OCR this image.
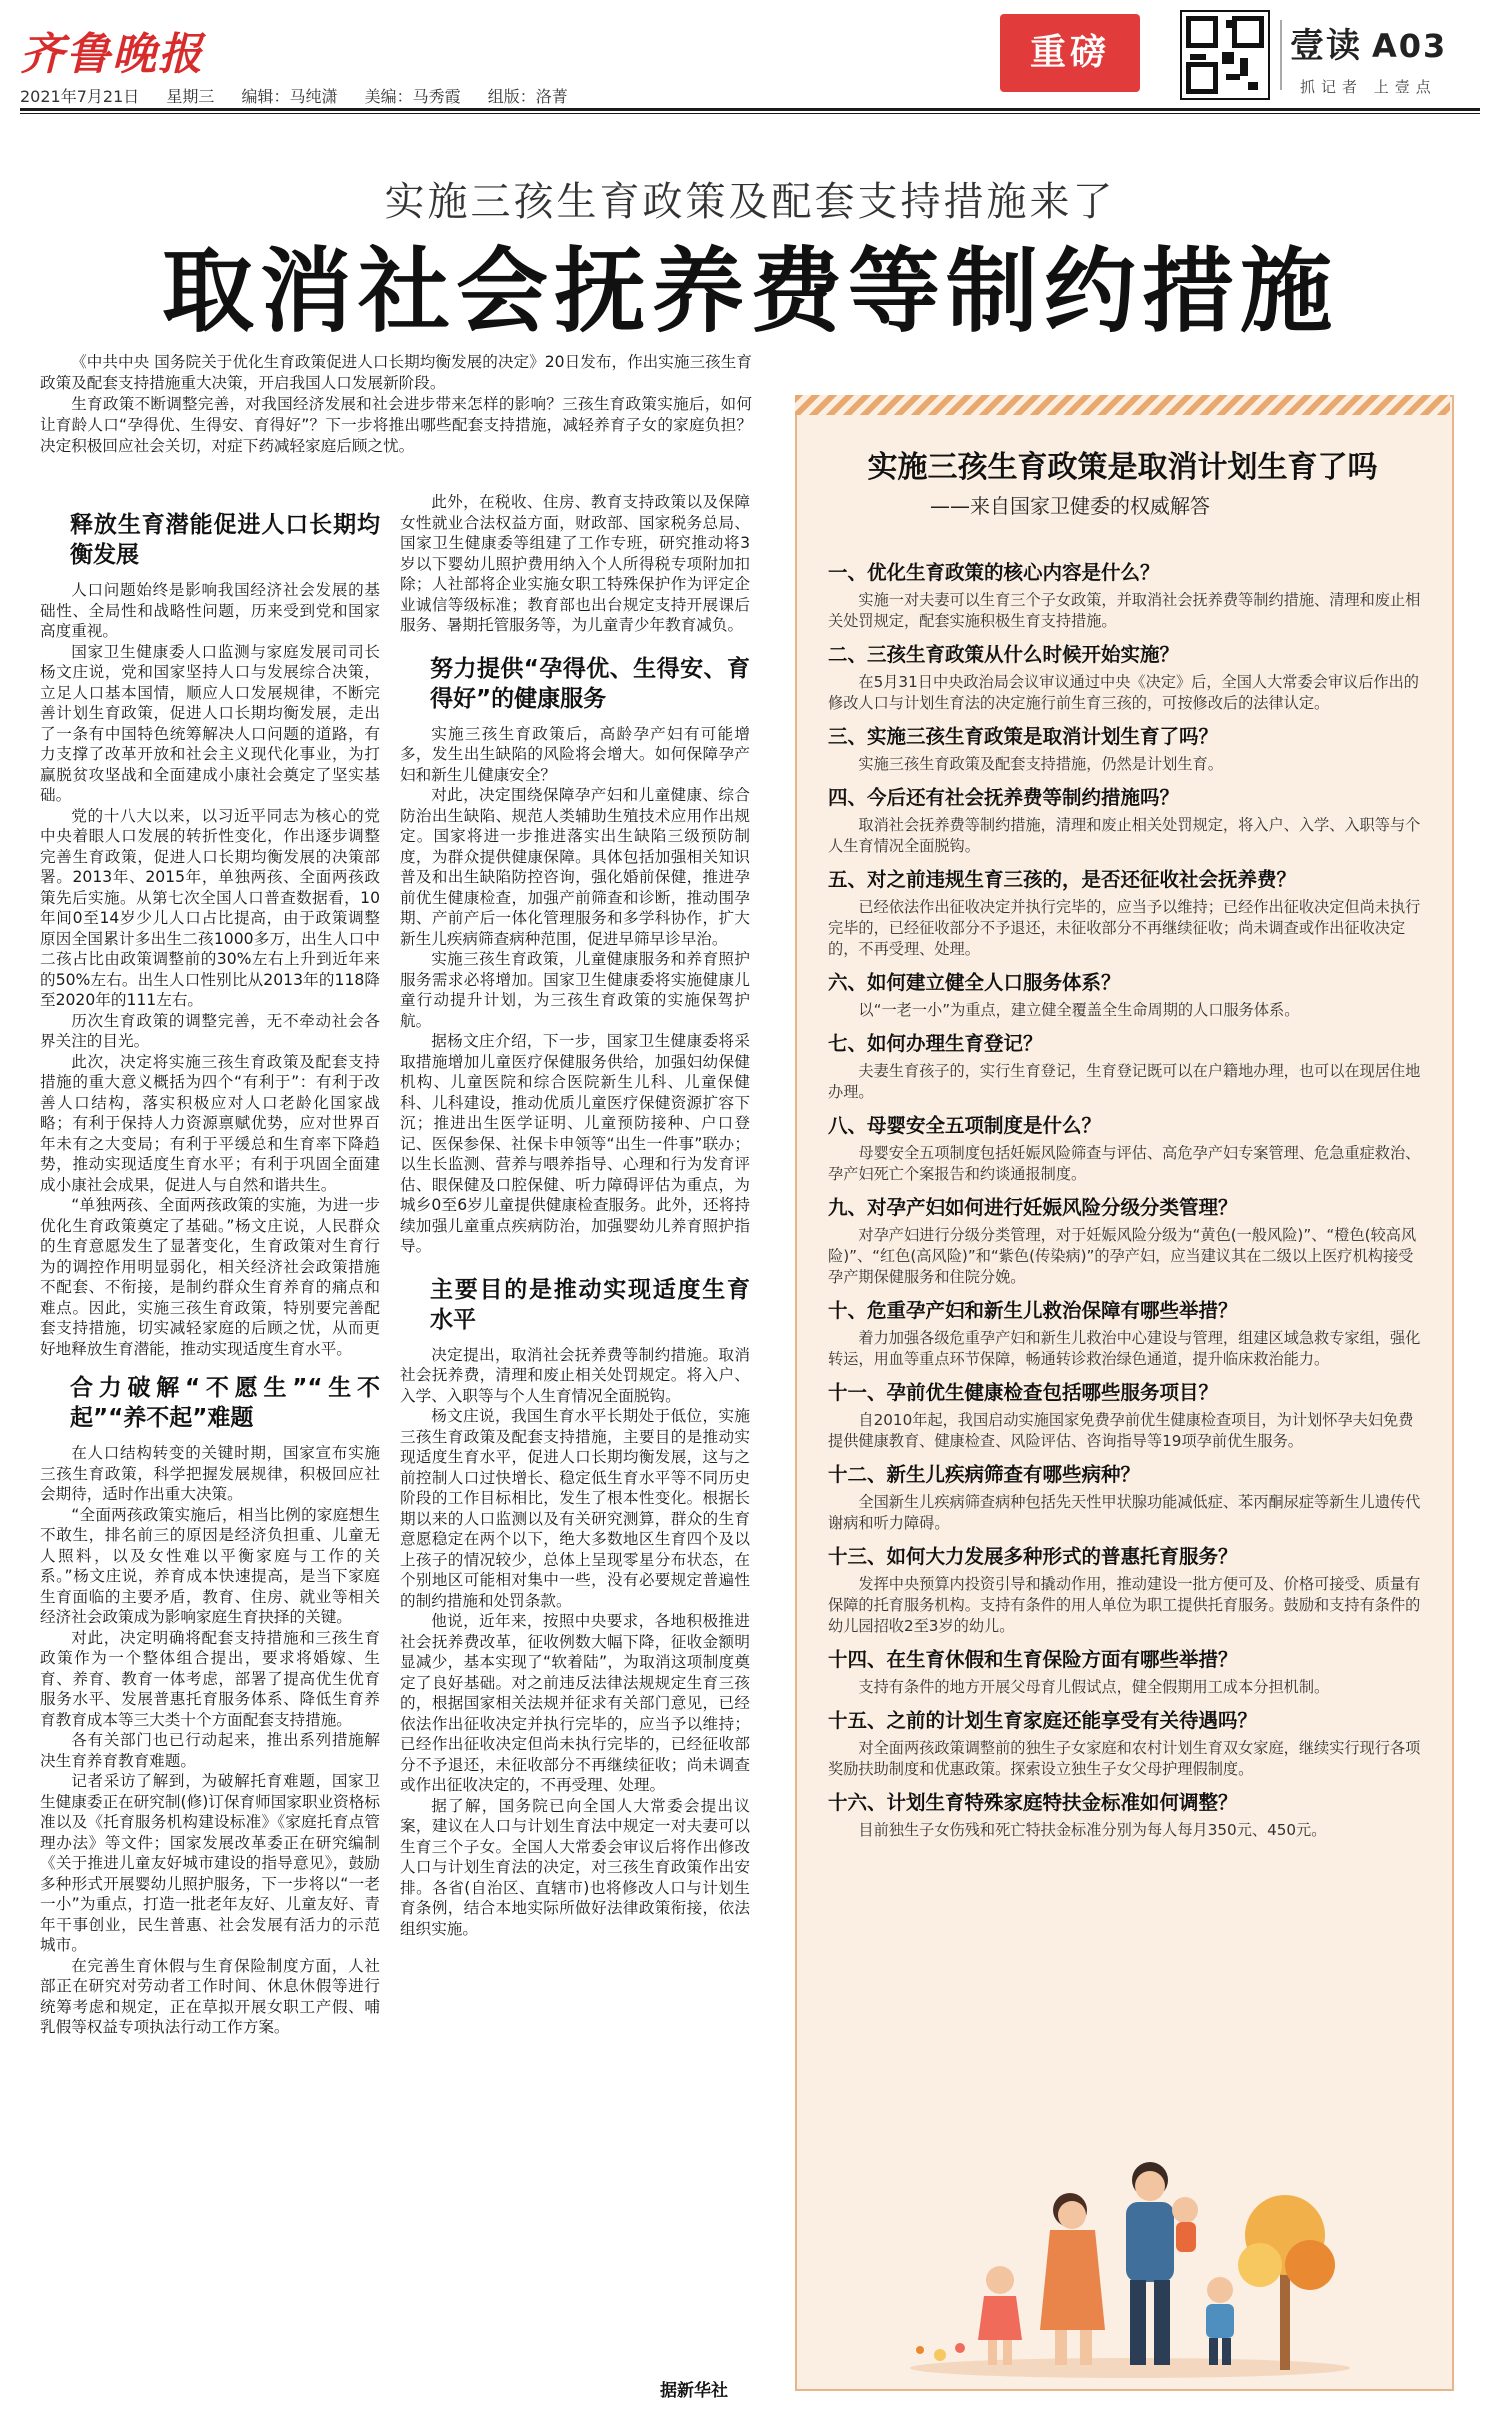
齐鲁晚报
2021年7月21日 星期三 编辑：马纯潇 美编：马秀霞 组版：洛菁
重磅	壹读 A03
抓记者 上壹点
实施三孩生育政策及配套支持措施来了
取消社会抚养费等制约措施

《中共中央 国务院关于优化生育政策促进人口长期均衡发展的决定》20日发布，作出实施三孩生育政策及配套支持措施重大决策，开启我国人口发展新阶段。

生育政策不断调整完善，对我国经济发展和社会进步带来怎样的影响？三孩生育政策实施后，如何让育龄人口“孕得优、生得安、育得好”？下一步将推出哪些配套支持措施，减轻养育子女的家庭负担？决定积极回应社会关切，对症下药减轻家庭后顾之忧。

释放生育潜能促进人口长期均衡发展

人口问题始终是影响我国经济社会发展的基础性、全局性和战略性问题，历来受到党和国家高度重视。

国家卫生健康委人口监测与家庭发展司司长杨文庄说，党和国家坚持人口与发展综合决策，立足人口基本国情，顺应人口发展规律，不断完善计划生育政策，促进人口长期均衡发展，走出了一条有中国特色统筹解决人口问题的道路，有力支撑了改革开放和社会主义现代化事业，为打赢脱贫攻坚战和全面建成小康社会奠定了坚实基础。

党的十八大以来，以习近平同志为核心的党中央着眼人口发展的转折性变化，作出逐步调整完善生育政策，促进人口长期均衡发展的决策部署。2013年、2015年，单独两孩、全面两孩政策先后实施。从第七次全国人口普查数据看，10年间0至14岁少儿人口占比提高，由于政策调整原因全国累计多出生二孩1000多万，出生人口中二孩占比由政策调整前的30%左右上升到近年来的50%左右。出生人口性别比从2013年的118降至2020年的111左右。

历次生育政策的调整完善，无不牵动社会各界关注的目光。

此次，决定将实施三孩生育政策及配套支持措施的重大意义概括为四个“有利于”：有利于改善人口结构，落实积极应对人口老龄化国家战略；有利于保持人力资源禀赋优势，应对世界百年未有之大变局；有利于平缓总和生育率下降趋势，推动实现适度生育水平；有利于巩固全面建成小康社会成果，促进人与自然和谐共生。

“单独两孩、全面两孩政策的实施，为进一步优化生育政策奠定了基础。”杨文庄说，人民群众的生育意愿发生了显著变化，生育政策对生育行为的调控作用明显弱化，相关经济社会政策措施不配套、不衔接，是制约群众生育养育的痛点和难点。因此，实施三孩生育政策，特别要完善配套支持措施，切实减轻家庭的后顾之忧，从而更好地释放生育潜能，推动实现适度生育水平。

合力破解“不愿生”“生不起”“养不起”难题

在人口结构转变的关键时期，国家宣布实施三孩生育政策，科学把握发展规律，积极回应社会期待，适时作出重大决策。

“全面两孩政策实施后，相当比例的家庭想生不敢生，排名前三的原因是经济负担重、儿童无人照料，以及女性难以平衡家庭与工作的关系。”杨文庄说，养育成本快速提高，是当下家庭生育面临的主要矛盾，教育、住房、就业等相关经济社会政策成为影响家庭生育抉择的关键。

对此，决定明确将配套支持措施和三孩生育政策作为一个整体组合提出，要求将婚嫁、生育、养育、教育一体考虑，部署了提高优生优育服务水平、发展普惠托育服务体系、降低生育养育教育成本等三大类十个方面配套支持措施。

各有关部门也已行动起来，推出系列措施解决生育养育教育难题。

记者采访了解到，为破解托育难题，国家卫生健康委正在研究制(修)订保育师国家职业资格标准以及《托育服务机构建设标准》《家庭托育点管理办法》等文件；国家发展改革委正在研究编制《关于推进儿童友好城市建设的指导意见》，鼓励多种形式开展婴幼儿照护服务，下一步将以“一老一小”为重点，打造一批老年友好、儿童友好、青年干事创业，民生普惠、社会发展有活力的示范城市。

在完善生育休假与生育保险制度方面，人社部正在研究对劳动者工作时间、休息休假等进行统筹考虑和规定，正在草拟开展女职工产假、哺乳假等权益专项执法行动工作方案。

此外，在税收、住房、教育支持政策以及保障女性就业合法权益方面，财政部、国家税务总局、国家卫生健康委等组建了工作专班，研究推动将3岁以下婴幼儿照护费用纳入个人所得税专项附加扣除；人社部将企业实施女职工特殊保护作为评定企业诚信等级标准；教育部也出台规定支持开展课后服务、暑期托管服务等，为儿童青少年教育减负。

努力提供“孕得优、生得安、育得好”的健康服务

实施三孩生育政策后，高龄孕产妇有可能增多，发生出生缺陷的风险将会增大。如何保障孕产妇和新生儿健康安全？

对此，决定围绕保障孕产妇和儿童健康、综合防治出生缺陷、规范人类辅助生殖技术应用作出规定。国家将进一步推进落实出生缺陷三级预防制度，为群众提供健康保障。具体包括加强相关知识普及和出生缺陷防控咨询，强化婚前保健，推进孕前优生健康检查，加强产前筛查和诊断，推动围孕期、产前产后一体化管理服务和多学科协作，扩大新生儿疾病筛查病种范围，促进早筛早诊早治。

实施三孩生育政策，儿童健康服务和养育照护服务需求必将增加。国家卫生健康委将实施健康儿童行动提升计划，为三孩生育政策的实施保驾护航。

据杨文庄介绍，下一步，国家卫生健康委将采取措施增加儿童医疗保健服务供给，加强妇幼保健机构、儿童医院和综合医院新生儿科、儿童保健科、儿科建设，推动优质儿童医疗保健资源扩容下沉；推进出生医学证明、儿童预防接种、户口登记、医保参保、社保卡申领等“出生一件事”联办；以生长监测、营养与喂养指导、心理和行为发育评估、眼保健及口腔保健、听力障碍评估为重点，为城乡0至6岁儿童提供健康检查服务。此外，还将持续加强儿童重点疾病防治，加强婴幼儿养育照护指导。

主要目的是推动实现适度生育水平

决定提出，取消社会抚养费等制约措施。取消社会抚养费，清理和废止相关处罚规定。将入户、入学、入职等与个人生育情况全面脱钩。

杨文庄说，我国生育水平长期处于低位，实施三孩生育政策及配套支持措施，主要目的是推动实现适度生育水平，促进人口长期均衡发展，这与之前控制人口过快增长、稳定低生育水平等不同历史阶段的工作目标相比，发生了根本性变化。根据长期以来的人口监测以及有关研究测算，群众的生育意愿稳定在两个以下，绝大多数地区生育四个及以上孩子的情况较少，总体上呈现零星分布状态，在个别地区可能相对集中一些，没有必要规定普遍性的制约措施和处罚条款。

他说，近年来，按照中央要求，各地积极推进社会抚养费改革，征收例数大幅下降，征收金额明显减少，基本实现了“软着陆”，为取消这项制度奠定了良好基础。对之前违反法律法规规定生育三孩的，根据国家相关法规并征求有关部门意见，已经依法作出征收决定并执行完毕的，应当予以维持；已经作出征收决定但尚未执行完毕的，已经征收部分不予退还，未征收部分不再继续征收；尚未调查或作出征收决定的，不再受理、处理。

据了解，国务院已向全国人大常委会提出议案，建议在人口与计划生育法中规定一对夫妻可以生育三个子女。全国人大常委会审议后将作出修改人口与计划生育法的决定，对三孩生育政策作出安排。各省(自治区、直辖市)也将修改人口与计划生育条例，结合本地实际所做好法律政策衔接，依法组织实施。

据新华社
实施三孩生育政策是取消计划生育了吗
——来自国家卫健委的权威解答
一、优化生育政策的核心内容是什么？
实施一对夫妻可以生育三个子女政策，并取消社会抚养费等制约措施、清理和废止相关处罚规定，配套实施积极生育支持措施。
二、三孩生育政策从什么时候开始实施？
在5月31日中央政治局会议审议通过中央《决定》后，全国人大常委会审议后作出的修改人口与计划生育法的决定施行前生育三孩的，可按修改后的法律认定。
三、实施三孩生育政策是取消计划生育了吗？
实施三孩生育政策及配套支持措施，仍然是计划生育。
四、今后还有社会抚养费等制约措施吗？
取消社会抚养费等制约措施，清理和废止相关处罚规定，将入户、入学、入职等与个人生育情况全面脱钩。
五、对之前违规生育三孩的，是否还征收社会抚养费？
已经依法作出征收决定并执行完毕的，应当予以维持；已经作出征收决定但尚未执行完毕的，已经征收部分不予退还，未征收部分不再继续征收；尚未调查或作出征收决定的，不再受理、处理。
六、如何建立健全人口服务体系？
以“一老一小”为重点，建立健全覆盖全生命周期的人口服务体系。
七、如何办理生育登记？
夫妻生育孩子的，实行生育登记，生育登记既可以在户籍地办理，也可以在现居住地办理。
八、母婴安全五项制度是什么？
母婴安全五项制度包括妊娠风险筛查与评估、高危孕产妇专案管理、危急重症救治、孕产妇死亡个案报告和约谈通报制度。
九、对孕产妇如何进行妊娠风险分级分类管理？
对孕产妇进行分级分类管理，对于妊娠风险分级为“黄色(一般风险)”、“橙色(较高风险)”、“红色(高风险)”和“紫色(传染病)”的孕产妇，应当建议其在二级以上医疗机构接受孕产期保健服务和住院分娩。
十、危重孕产妇和新生儿救治保障有哪些举措？
着力加强各级危重孕产妇和新生儿救治中心建设与管理，组建区域急救专家组，强化转运，用血等重点环节保障，畅通转诊救治绿色通道，提升临床救治能力。
十一、孕前优生健康检查包括哪些服务项目？
自2010年起，我国启动实施国家免费孕前优生健康检查项目，为计划怀孕夫妇免费提供健康教育、健康检查、风险评估、咨询指导等19项孕前优生服务。
十二、新生儿疾病筛查有哪些病种？
全国新生儿疾病筛查病种包括先天性甲状腺功能减低症、苯丙酮尿症等新生儿遗传代谢病和听力障碍。
十三、如何大力发展多种形式的普惠托育服务？
发挥中央预算内投资引导和撬动作用，推动建设一批方便可及、价格可接受、质量有保障的托育服务机构。支持有条件的用人单位为职工提供托育服务。鼓励和支持有条件的幼儿园招收2至3岁的幼儿。
十四、在生育休假和生育保险方面有哪些举措？
支持有条件的地方开展父母育儿假试点，健全假期用工成本分担机制。
十五、之前的计划生育家庭还能享受有关待遇吗？
对全面两孩政策调整前的独生子女家庭和农村计划生育双女家庭，继续实行现行各项奖励扶助制度和优惠政策。探索设立独生子女父母护理假制度。
十六、计划生育特殊家庭特扶金标准如何调整？
目前独生子女伤残和死亡特扶金标准分别为每人每月350元、450元。
